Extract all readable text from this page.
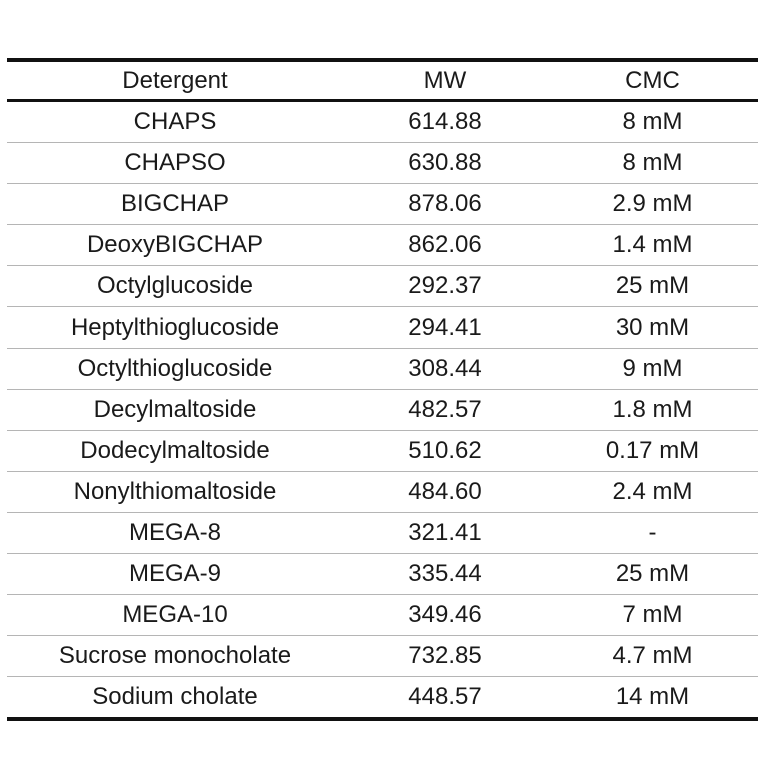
Detergent	MW	CMC
CHAPS	614.88	8 mM
CHAPSO	630.88	8 mM
BIGCHAP	878.06	2.9 mM
DeoxyBIGCHAP	862.06	1.4 mM
Octylglucoside	292.37	25 mM
Heptylthioglucoside	294.41	30 mM
Octylthioglucoside	308.44	9 mM
Decylmaltoside	482.57	1.8 mM
Dodecylmaltoside	510.62	0.17 mM
Nonylthiomaltoside	484.60	2.4 mM
MEGA-8	321.41	-
MEGA-9	335.44	25 mM
MEGA-10	349.46	7 mM
Sucrose monocholate	732.85	4.7 mM
Sodium cholate	448.57	14 mM
